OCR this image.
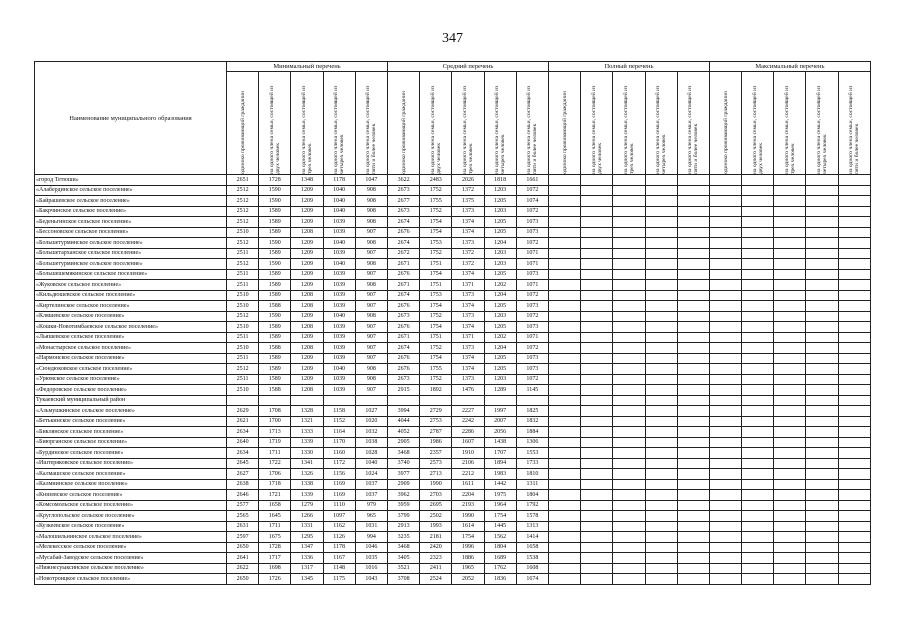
347
Наименование муниципального образования	Минимальный перечень					Средний перечень					Полный перечень					Максимальный перечень				

	одиноко проживающий гражданин	на одного члена семьи, состоящей из двух человек	на одного члена семьи, состоящей из трех человек	на одного члена семьи, состоящей из четырех человек	на одного члена семьи, состоящей из пяти и более человек	одиноко проживающий гражданин	на одного члена семьи, состоящей из двух человек	на одного члена семьи, состоящей из трех человек	на одного члена семьи, состоящей из четырех человек	на одного члена семьи, состоящей из пяти и более человек	одиноко проживающий гражданин	на одного члена семьи, состоящей из двух человек	на одного члена семьи, состоящей из трех человек	на одного члена семьи, состоящей из четырех человек	на одного члена семьи, состоящей из пяти и более человек	одиноко проживающий гражданин	на одного члена семьи, состоящей из двух человек	на одного члена семьи, состоящей из трех человек	на одного члена семьи, состоящей из четырех человек	на одного члена семьи, состоящей из пяти и более человек

«город Тетюши»	2651	1728	1348	1178	1047	3622	2483	2026	1818	1661										
«Алабердинское сельское поселение»	2512	1590	1209	1040	908	2673	1752	1372	1203	1072										
«Байрашевское сельское поселение»	2512	1590	1209	1040	908	2677	1755	1375	1205	1074										
«Бакрчинское сельское поселение»	2512	1589	1209	1040	908	2673	1752	1373	1203	1072										
«Беденьгинское сельское поселение»	2512	1589	1209	1039	908	2674	1754	1374	1205	1073										
«Бессоновское сельское поселение»	2510	1589	1208	1039	907	2676	1754	1374	1205	1073										
«Большетурминское сельское поселение»	2512	1590	1209	1040	908	2674	1753	1373	1204	1072										
«Большетарханское сельское поселение»	2511	1589	1209	1039	907	2672	1752	1372	1203	1071										
«Большетурминское сельское поселение»	2512	1590	1209	1040	908	2671	1751	1372	1203	1071										
«Большешемякинское сельское поселение»	2511	1589	1209	1039	907	2676	1754	1374	1205	1073										
«Жуковское сельское поселение»	2511	1589	1209	1039	908	2671	1751	1371	1202	1071										
«Кильдюшевское сельское поселение»	2510	1589	1208	1039	907	2674	1753	1373	1204	1072										
«Киртелинское сельское поселение»	2510	1588	1208	1039	907	2676	1754	1374	1205	1073										
«Кляшевское сельское поселение»	2512	1590	1209	1040	908	2673	1752	1373	1203	1072										
«Кошки-Новотимбаевское сельское поселение»	2510	1589	1208	1039	907	2676	1754	1374	1205	1073										
«Льяшевское сельское поселение»	2511	1589	1209	1039	907	2671	1751	1371	1202	1071										
«Монастырское сельское поселение»	2510	1588	1208	1039	907	2674	1752	1373	1204	1072										
«Нармонское сельское поселение»	2511	1589	1209	1039	907	2676	1754	1374	1205	1073										
«Сюндюковское сельское поселение»	2512	1589	1209	1040	908	2676	1755	1374	1205	1073										
«Урюмское сельское поселение»	2511	1589	1209	1039	908	2673	1752	1373	1203	1072										
«Федоровское сельское поселение»	2510	1588	1208	1039	907	2915	1892	1476	1289	1145										
Тукаевский муниципальный район																				
«Азьмушкинское сельское поселение»	2629	1708	1328	1158	1027	3994	2729	2227	1997	1825										
«Бетькинское сельское поселение»	2621	1700	1321	1152	1020	4044	2753	2242	2007	1832										
«Биклянское сельское поселение»	2634	1713	1333	1164	1032	4052	2787	2286	2056	1884										
«Биюрганское сельское поселение»	2640	1719	1339	1170	1038	2905	1986	1607	1438	1306										
«Бурдинское сельское поселение»	2634	1711	1330	1160	1028	3468	2357	1910	1707	1553										
«Иштеряковское сельское поселение»	2645	1722	1341	1172	1040	3740	2573	2106	1894	1733										
«Калмашское сельское поселение»	2627	1706	1326	1156	1024	3977	2713	2212	1983	1810										
«Калмиинское сельское поселение»	2638	1718	1338	1169	1037	2909	1990	1611	1442	1311										
«Князевское сельское поселение»	2646	1721	1339	1169	1037	3962	2703	2204	1975	1804										
«Комсомольское сельское поселение»	2577	1658	1279	1110	979	3959	2695	2193	1964	1792										
«Круглопольское сельское поселение»	2565	1645	1266	1097	965	3799	2502	1990	1754	1578										
«Кузкеевское сельское поселение»	2631	1711	1331	1162	1031	2913	1993	1614	1445	1313										
«Малошильнинское сельское поселение»	2597	1675	1295	1126	994	3235	2181	1754	1562	1414										
«Мелекесское сельское поселение»	2650	1728	1347	1178	1046	3468	2420	1996	1804	1658										
«Мусабай-Заводское сельское поселение»	2641	1717	1336	1167	1035	3405	2323	1886	1689	1538										
«Нижнесуыксинское сельское поселение»	2622	1698	1317	1148	1016	3521	2411	1965	1762	1608										
«Новотроицкое сельское поселение»	2650	1726	1345	1175	1043	3708	2524	2052	1836	1674										
